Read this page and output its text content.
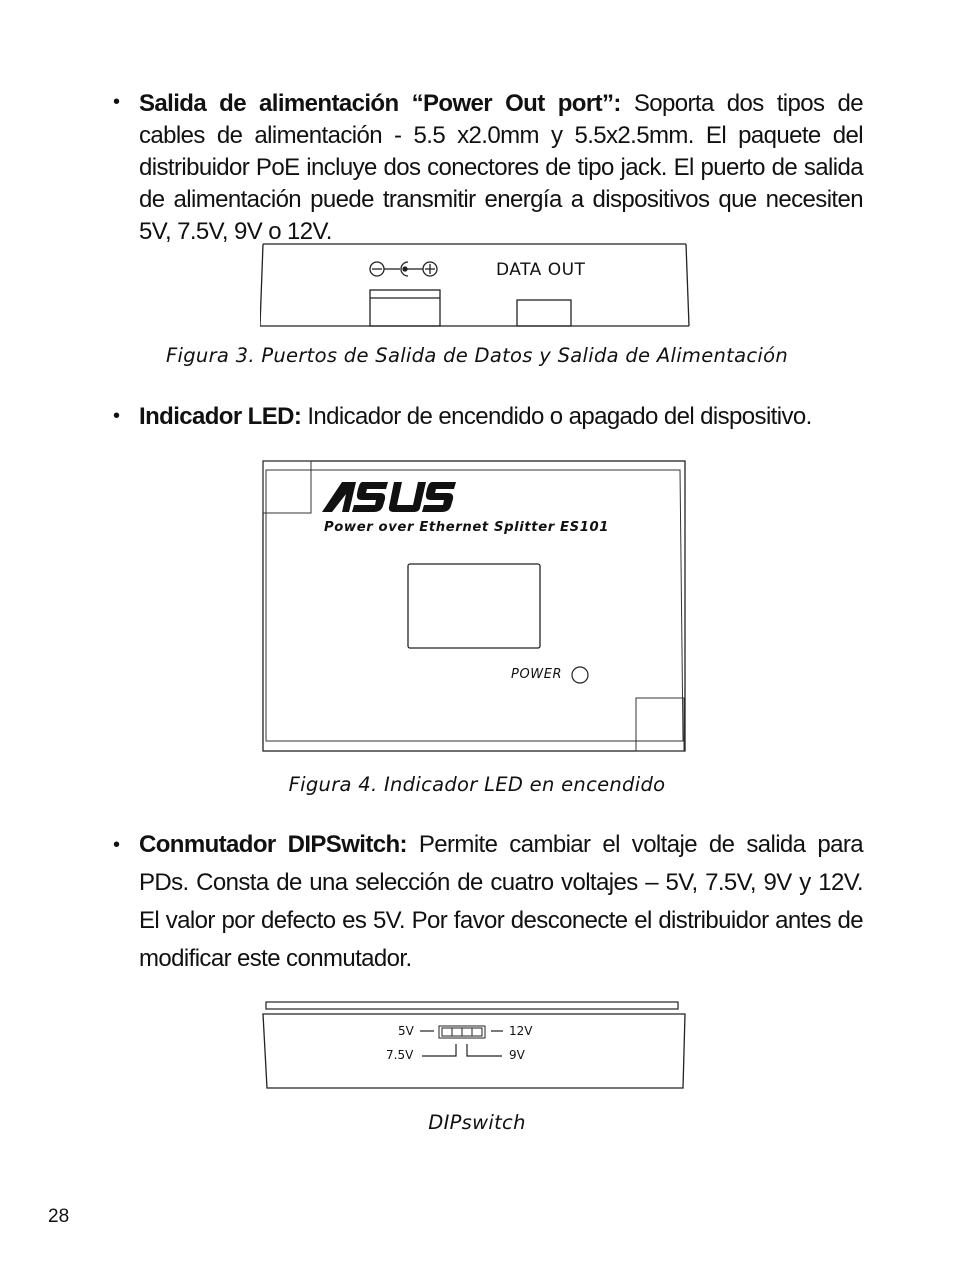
• Salida de alimentación “Power Out port”: Soporta dos tipos de cables de alimentación - 5.5 x2.0mm y 5.5x2.5mm. El paquete del distribuidor PoE incluye dos conectores de tipo jack. El puerto de salida de alimentación puede transmitir energía a dispositivos que necesiten 5V, 7.5V, 9V o 12V.
DATA OUT
Figura 3. Puertos de Salida de Datos y Salida de Alimentación
• Indicador LED: Indicador de encendido o apagado del dispositivo.
Power over Ethernet Splitter ES101
POWER
Figura 4. Indicador LED en encendido
• Conmutador DIPSwitch: Permite cambiar el voltaje de salida para PDs. Consta de una selección de cuatro voltajes – 5V, 7.5V, 9V y 12V. El valor por defecto es 5V. Por favor desconecte el distribuidor antes de modificar este conmutador.
5V	12V
7.5V	9V
DIPswitch
28
